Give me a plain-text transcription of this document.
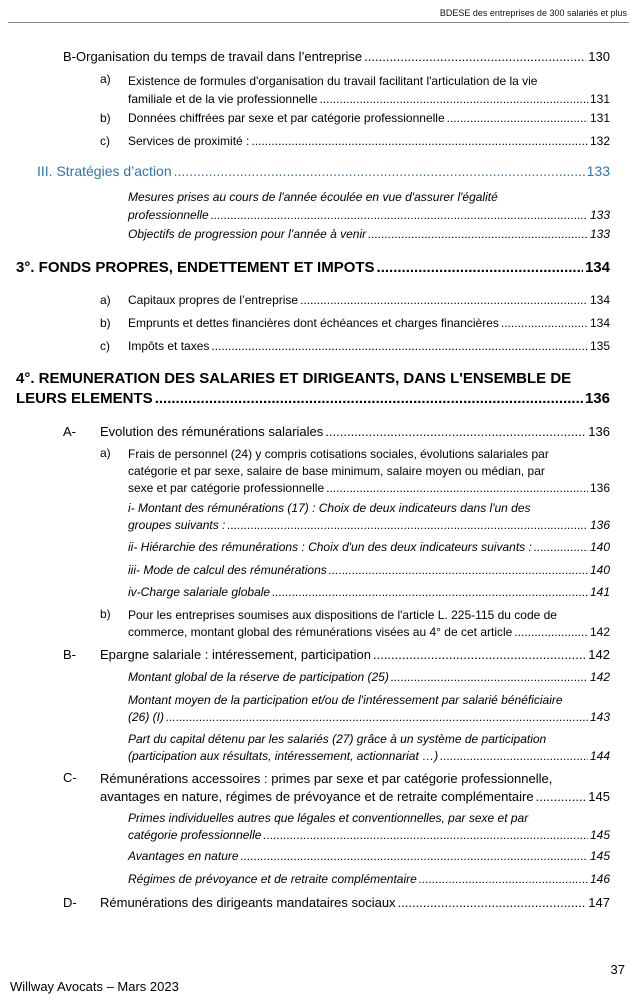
BDESE des entreprises de 300 salariés et plus
B-Organisation du temps de travail dans l’entreprise .....	130
a) Existence de formules d'organisation du travail facilitant l'articulation de la vie
familiale et de la vie professionnelle .....	131
b) Données chiffrées par sexe et par catégorie professionnelle .....	131
c) Services de proximité : .....	132
III. Stratégies d’action .....	133
Mesures prises au cours de l'année écoulée en vue d'assurer l'égalité
professionnelle .....	133
Objectifs de progression pour l’année à venir .....	133
3°. FONDS PROPRES, ENDETTEMENT ET IMPOTS .....	134
a) Capitaux propres de l’entreprise .....	134
b) Emprunts et dettes financières dont échéances et charges financières .....	134
c) Impôts et taxes .....	135
4°. REMUNERATION DES SALARIES ET DIRIGEANTS, DANS L'ENSEMBLE DE
LEURS ELEMENTS .....	136
A- Evolution des rémunérations salariales .....	136
a) Frais de personnel (24) y compris cotisations sociales, évolutions salariales par
catégorie et par sexe, salaire de base minimum, salaire moyen ou médian, par
sexe et par catégorie professionnelle .....	136
i- Montant des rémunérations (17) : Choix de deux indicateurs dans l'un des
groupes suivants : .....	136
ii- Hiérarchie des rémunérations : Choix d'un des deux indicateurs suivants : .....	140
iii- Mode de calcul des rémunérations .....	140
iv-Charge salariale globale .....	141
b) Pour les entreprises soumises aux dispositions de l'article L. 225-115 du code de
commerce, montant global des rémunérations visées au 4° de cet article .....	142
B- Epargne salariale : intéressement, participation .....	142
Montant global de la réserve de participation (25) .....	142
Montant moyen de la participation et/ou de l'intéressement par salarié bénéficiaire
(26) (I) .....	143
Part du capital détenu par les salariés (27) grâce à un système de participation
(participation aux résultats, intéressement, actionnariat …) .....	144
C- Rémunérations accessoires : primes par sexe et par catégorie professionnelle,
avantages en nature, régimes de prévoyance et de retraite complémentaire .....	145
Primes individuelles autres que légales et conventionnelles, par sexe et par
catégorie professionnelle .....	145
Avantages en nature .....	145
Régimes de prévoyance et de retraite complémentaire .....	146
D- Rémunérations des dirigeants mandataires sociaux .....	147
37
Willway Avocats – Mars 2023
